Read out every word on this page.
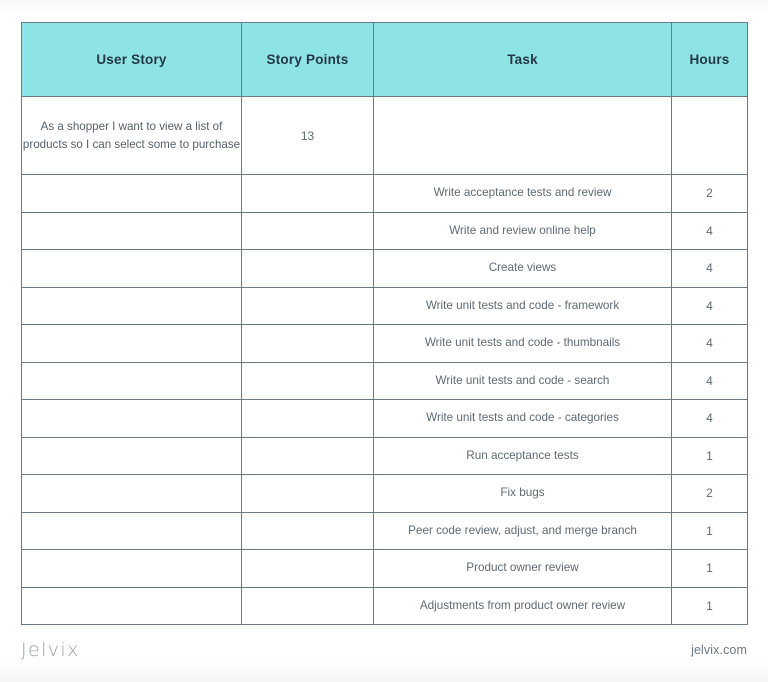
User Story	Story Points	Task	Hours
As a shopper I want to view a list of products so I can select some to purchase	13		
		Write acceptance tests and review	2
		Write and review online help	4
		Create views	4
		Write unit tests and code - framework	4
		Write unit tests and code - thumbnails	4
		Write unit tests and code - search	4
		Write unit tests and code - categories	4
		Run acceptance tests	1
		Fix bugs	2
		Peer code review, adjust, and merge branch	1
		Product owner review	1
		Adjustments from product owner review	1
Jelvix	jelvix.com
